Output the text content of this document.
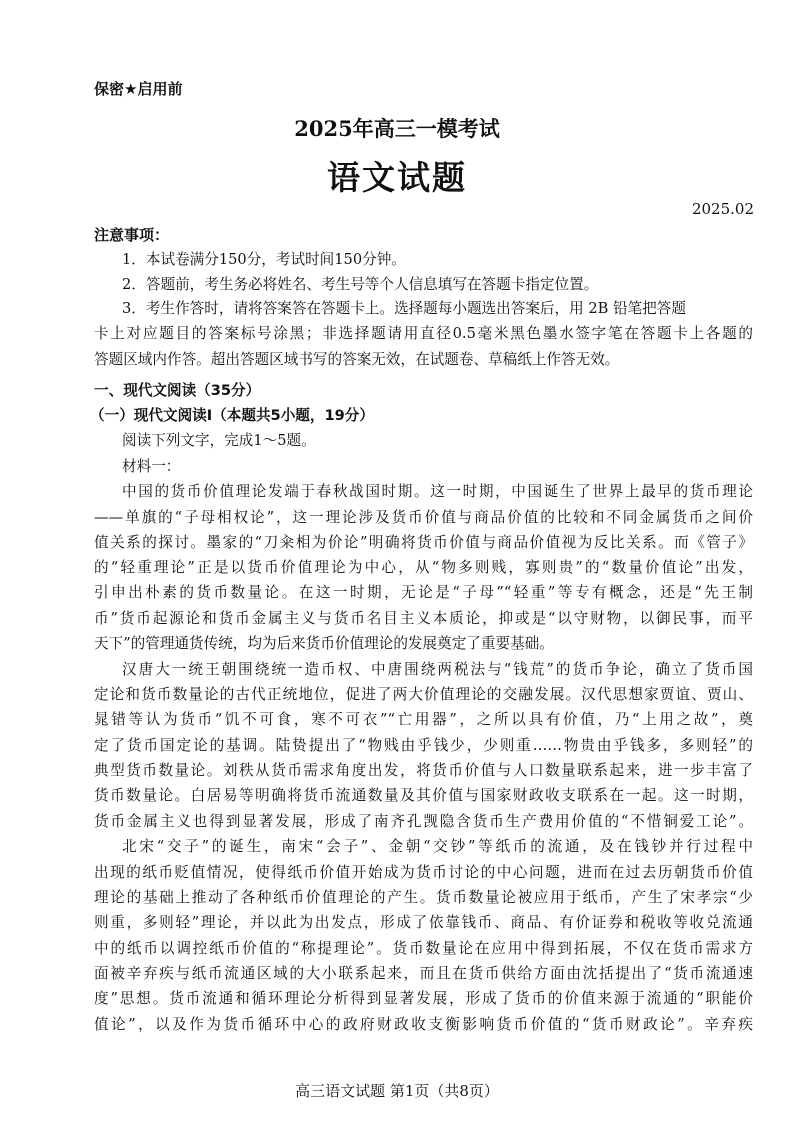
保密★启用前
2025年高三一模考试
语文试题
2025.02
注意事项：
1．本试卷满分150分，考试时间150分钟。
2．答题前，考生务必将姓名、考生号等个人信息填写在答题卡指定位置。
3．考生作答时，请将答案答在答题卡上。选择题每小题选出答案后，用 2B 铅笔把答题
卡上对应题目的答案标号涂黑；非选择题请用直径0.5毫米黑色墨水签字笔在答题卡上各题的
答题区域内作答。超出答题区域书写的答案无效，在试题卷、草稿纸上作答无效。
一、现代文阅读（35分）
（一）现代文阅读Ⅰ（本题共5小题，19分）
阅读下列文字，完成1～5题。
材料一：
中国的货币价值理论发端于春秋战国时期。这一时期，中国诞生了世界上最早的货币理论
——单旗的“子母相权论”，这一理论涉及货币价值与商品价值的比较和不同金属货币之间价
值关系的探讨。墨家的“刀籴相为价论”明确将货币价值与商品价值视为反比关系。而《管子》
的“轻重理论”正是以货币价值理论为中心，从“物多则贱，寡则贵”的“数量价值论”出发，
引申出朴素的货币数量论。在这一时期，无论是“子母”“轻重”等专有概念，还是“先王制
币”货币起源论和货币金属主义与货币名目主义本质论，抑或是“以守财物，以御民事，而平
天下”的管理通货传统，均为后来货币价值理论的发展奠定了重要基础。
汉唐大一统王朝围绕统一造币权、中唐围绕两税法与“钱荒”的货币争论，确立了货币国
定论和货币数量论的古代正统地位，促进了两大价值理论的交融发展。汉代思想家贾谊、贾山、
晁错等认为货币“饥不可食，寒不可衣”“亡用器”，之所以具有价值，乃“上用之故”，奠
定了货币国定论的基调。陆贽提出了“物贱由乎钱少，少则重……物贵由乎钱多，多则轻”的
典型货币数量论。刘秩从货币需求角度出发，将货币价值与人口数量联系起来，进一步丰富了
货币数量论。白居易等明确将货币流通数量及其价值与国家财政收支联系在一起。这一时期，
货币金属主义也得到显著发展，形成了南齐孔觊隐含货币生产费用价值的“不惜铜爱工论”。
北宋“交子”的诞生，南宋“会子”、金朝“交钞”等纸币的流通，及在钱钞并行过程中
出现的纸币贬值情况，使得纸币价值开始成为货币讨论的中心问题，进而在过去历朝货币价值
理论的基础上推动了各种纸币价值理论的产生。货币数量论被应用于纸币，产生了宋孝宗“少
则重，多则轻”理论，并以此为出发点，形成了依靠钱币、商品、有价证券和税收等收兑流通
中的纸币以调控纸币价值的“称提理论”。货币数量论在应用中得到拓展，不仅在货币需求方
面被辛弃疾与纸币流通区域的大小联系起来，而且在货币供给方面由沈括提出了“货币流通速
度”思想。货币流通和循环理论分析得到显著发展，形成了货币的价值来源于流通的“职能价
值论”，以及作为货币循环中心的政府财政收支衡影响货币价值的“货币财政论”。辛弃疾
高三语文试题 第1页（共8页）
